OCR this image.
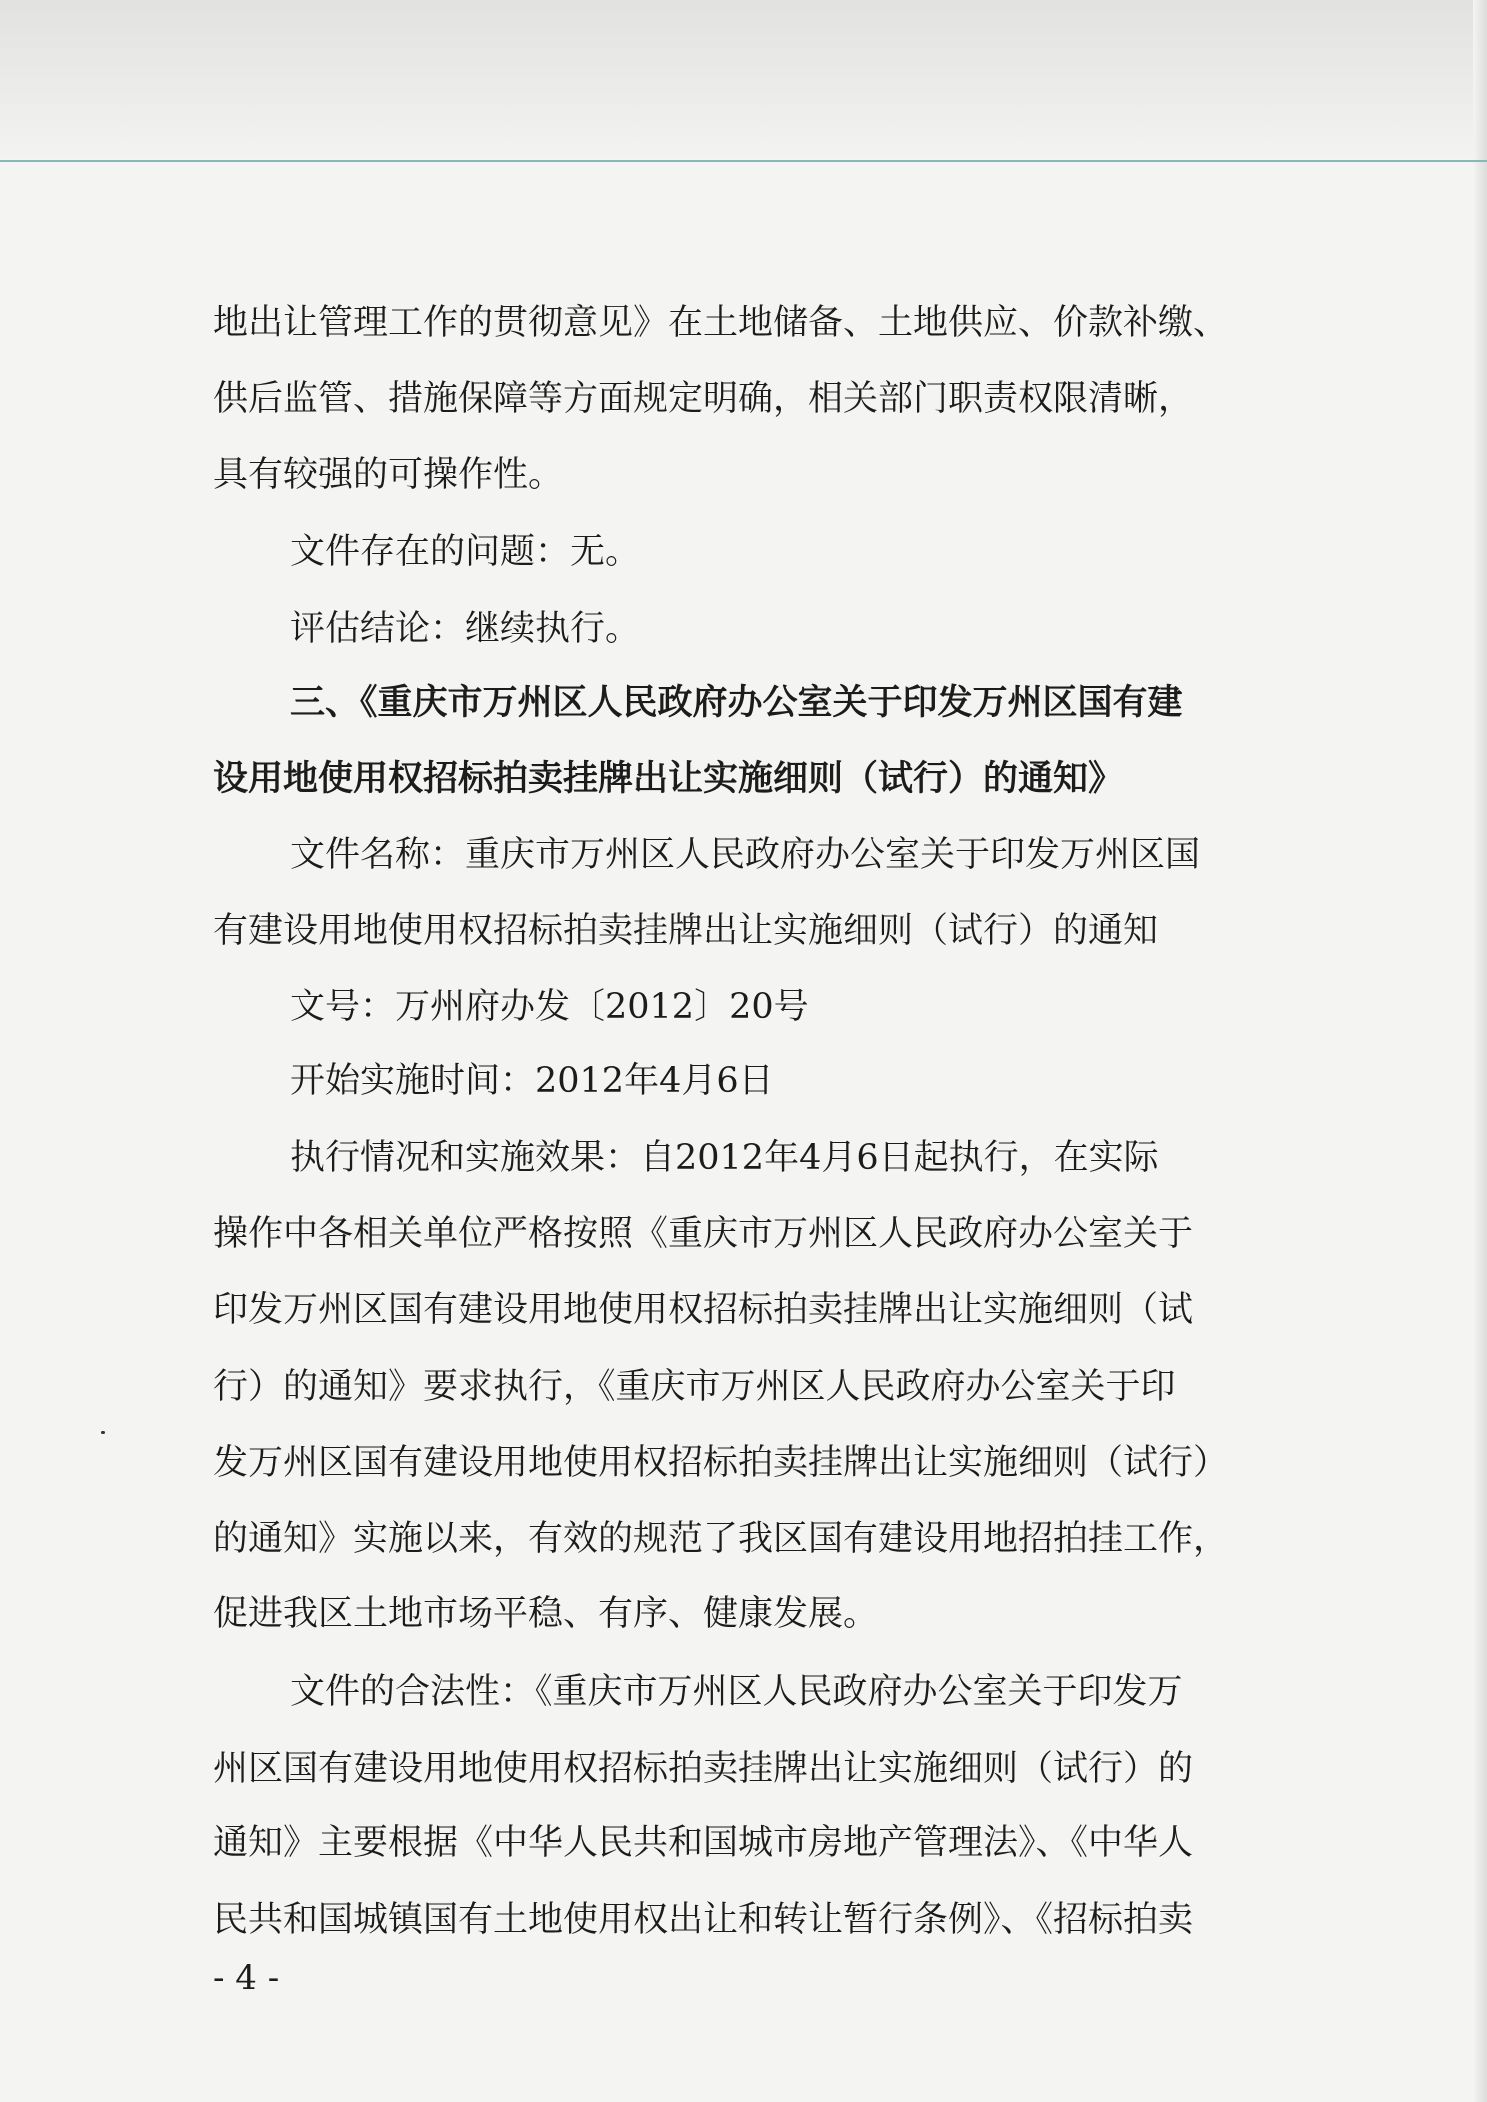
地出让管理工作的贯彻意见》在土地储备、土地供应、价款补缴、
供后监管、措施保障等方面规定明确，相关部门职责权限清晰，
具有较强的可操作性。
文件存在的问题：无。
评估结论：继续执行。
三、《重庆市万州区人民政府办公室关于印发万州区国有建
设用地使用权招标拍卖挂牌出让实施细则（试行）的通知》
文件名称：重庆市万州区人民政府办公室关于印发万州区国
有建设用地使用权招标拍卖挂牌出让实施细则（试行）的通知
文号：万州府办发〔2012〕20号
开始实施时间：2012年4月6日
执行情况和实施效果：自2012年4月6日起执行，在实际
操作中各相关单位严格按照《重庆市万州区人民政府办公室关于
印发万州区国有建设用地使用权招标拍卖挂牌出让实施细则（试
行）的通知》要求执行，《重庆市万州区人民政府办公室关于印
发万州区国有建设用地使用权招标拍卖挂牌出让实施细则（试行）
的通知》实施以来，有效的规范了我区国有建设用地招拍挂工作，
促进我区土地市场平稳、有序、健康发展。
文件的合法性：《重庆市万州区人民政府办公室关于印发万
州区国有建设用地使用权招标拍卖挂牌出让实施细则（试行）的
通知》主要根据《中华人民共和国城市房地产管理法》、《中华人
民共和国城镇国有土地使用权出让和转让暂行条例》、《招标拍卖
- 4 -
